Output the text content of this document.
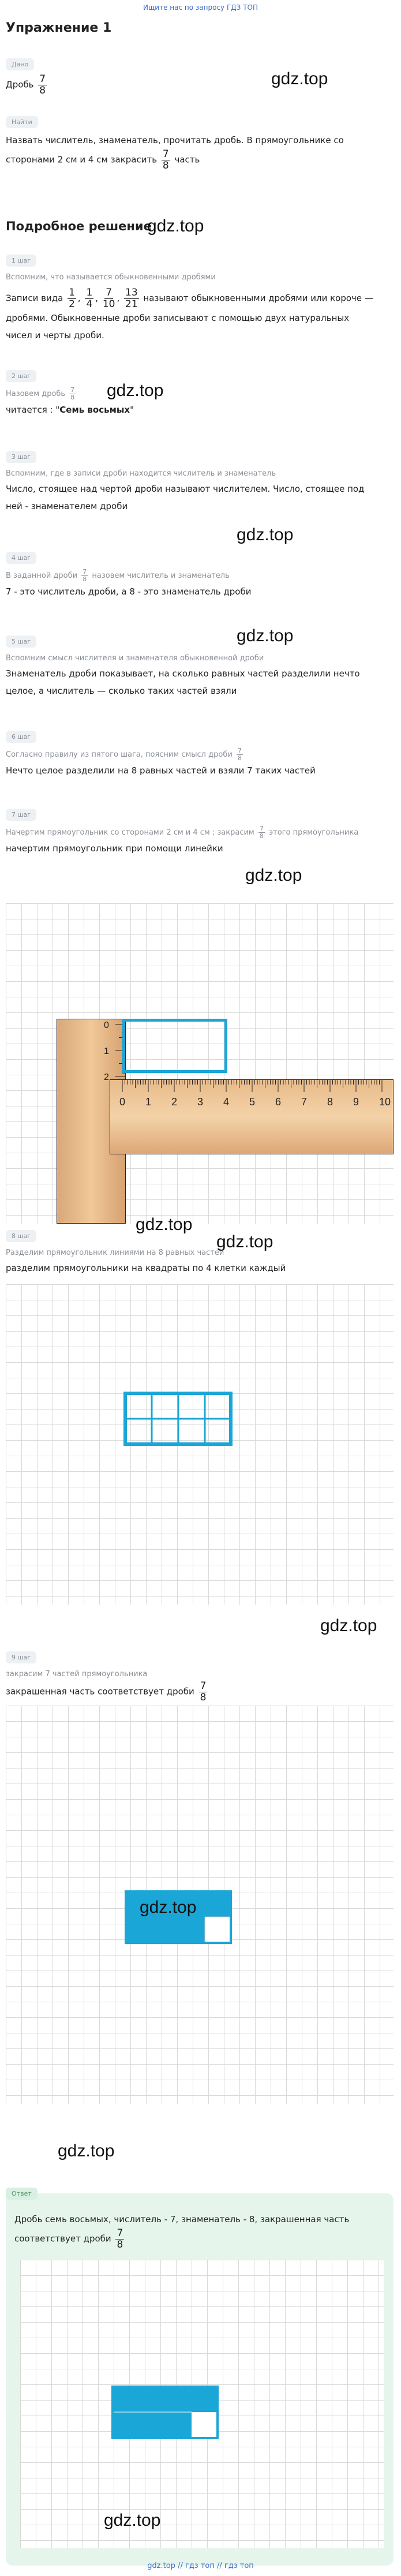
Ищите нас по запросу ГДЗ ТОП
Упражнение 1
Дано
Дробь $\frac{7}{8}$	gdz.top
Найти
Назвать числитель, знаменатель, прочитать дробь. В прямоугольнике со
сторонами 2 см и 4 см закрасить $\frac{7}{8}$ часть
Подробное решение
gdz.top
1 шаг
Вспомним, что называется обыкновенными дробями
Записи вида $\frac{1}{2}$ , $\frac{1}{4}$ , $\frac{7}{10}$ , $\frac{13}{21}$ называют обыкновенными дробями или короче —
дробями. Обыкновенные дроби записывают с помощью двух натуральных
чисел и черты дроби.
2 шаг
Назовем дробь $\frac{7}{8}$
читается : "Семь восьмых"
gdz.top
3 шаг
Вспомним, где в записи дроби находится числитель и знаменатель
Число, стоящее над чертой дроби называют числителем. Число, стоящее под
ней - знаменателем дроби
gdz.top
4 шаг
В заданной дроби $\frac{7}{8}$ назовем числитель и знаменатель
7 - это числитель дроби, а 8 - это знаменатель дроби
gdz.top
5 шаг
Вспомним смысл числителя и знаменателя обыкновенной дроби
Знаменатель дроби показывает, на сколько равных частей разделили нечто
целое, а числитель — сколько таких частей взяли
6 шаг
Согласно правилу из пятого шага, поясним смысл дроби $\frac{7}{8}$
Нечто целое разделили на 8 равных частей и взяли 7 таких частей
7 шаг
Начертим прямоугольник со сторонами 2 см и 4 см ; закрасим $\frac{7}{8}$ этого прямоугольника
начертим прямоугольник при помощи линейки
gdz.top
0 1 2 3 4 5 6 7 8 9 10
0
1
2
gdz.top
gdz.top
8 шаг
Разделим прямоугольник линиями на 8 равных частей
разделим прямоугольники на квадраты по 4 клетки каждый
gdz.top
9 шаг
закрасим 7 частей прямоугольника
закрашенная часть соответствует дроби $\frac{7}{8}$
gdz.top
gdz.top
Ответ
Дробь семь восьмых, числитель - 7, знаменатель - 8, закрашенная часть
соответствует дроби $\frac{7}{8}$
gdz.top
gdz.top // гдз топ // гдз топ
